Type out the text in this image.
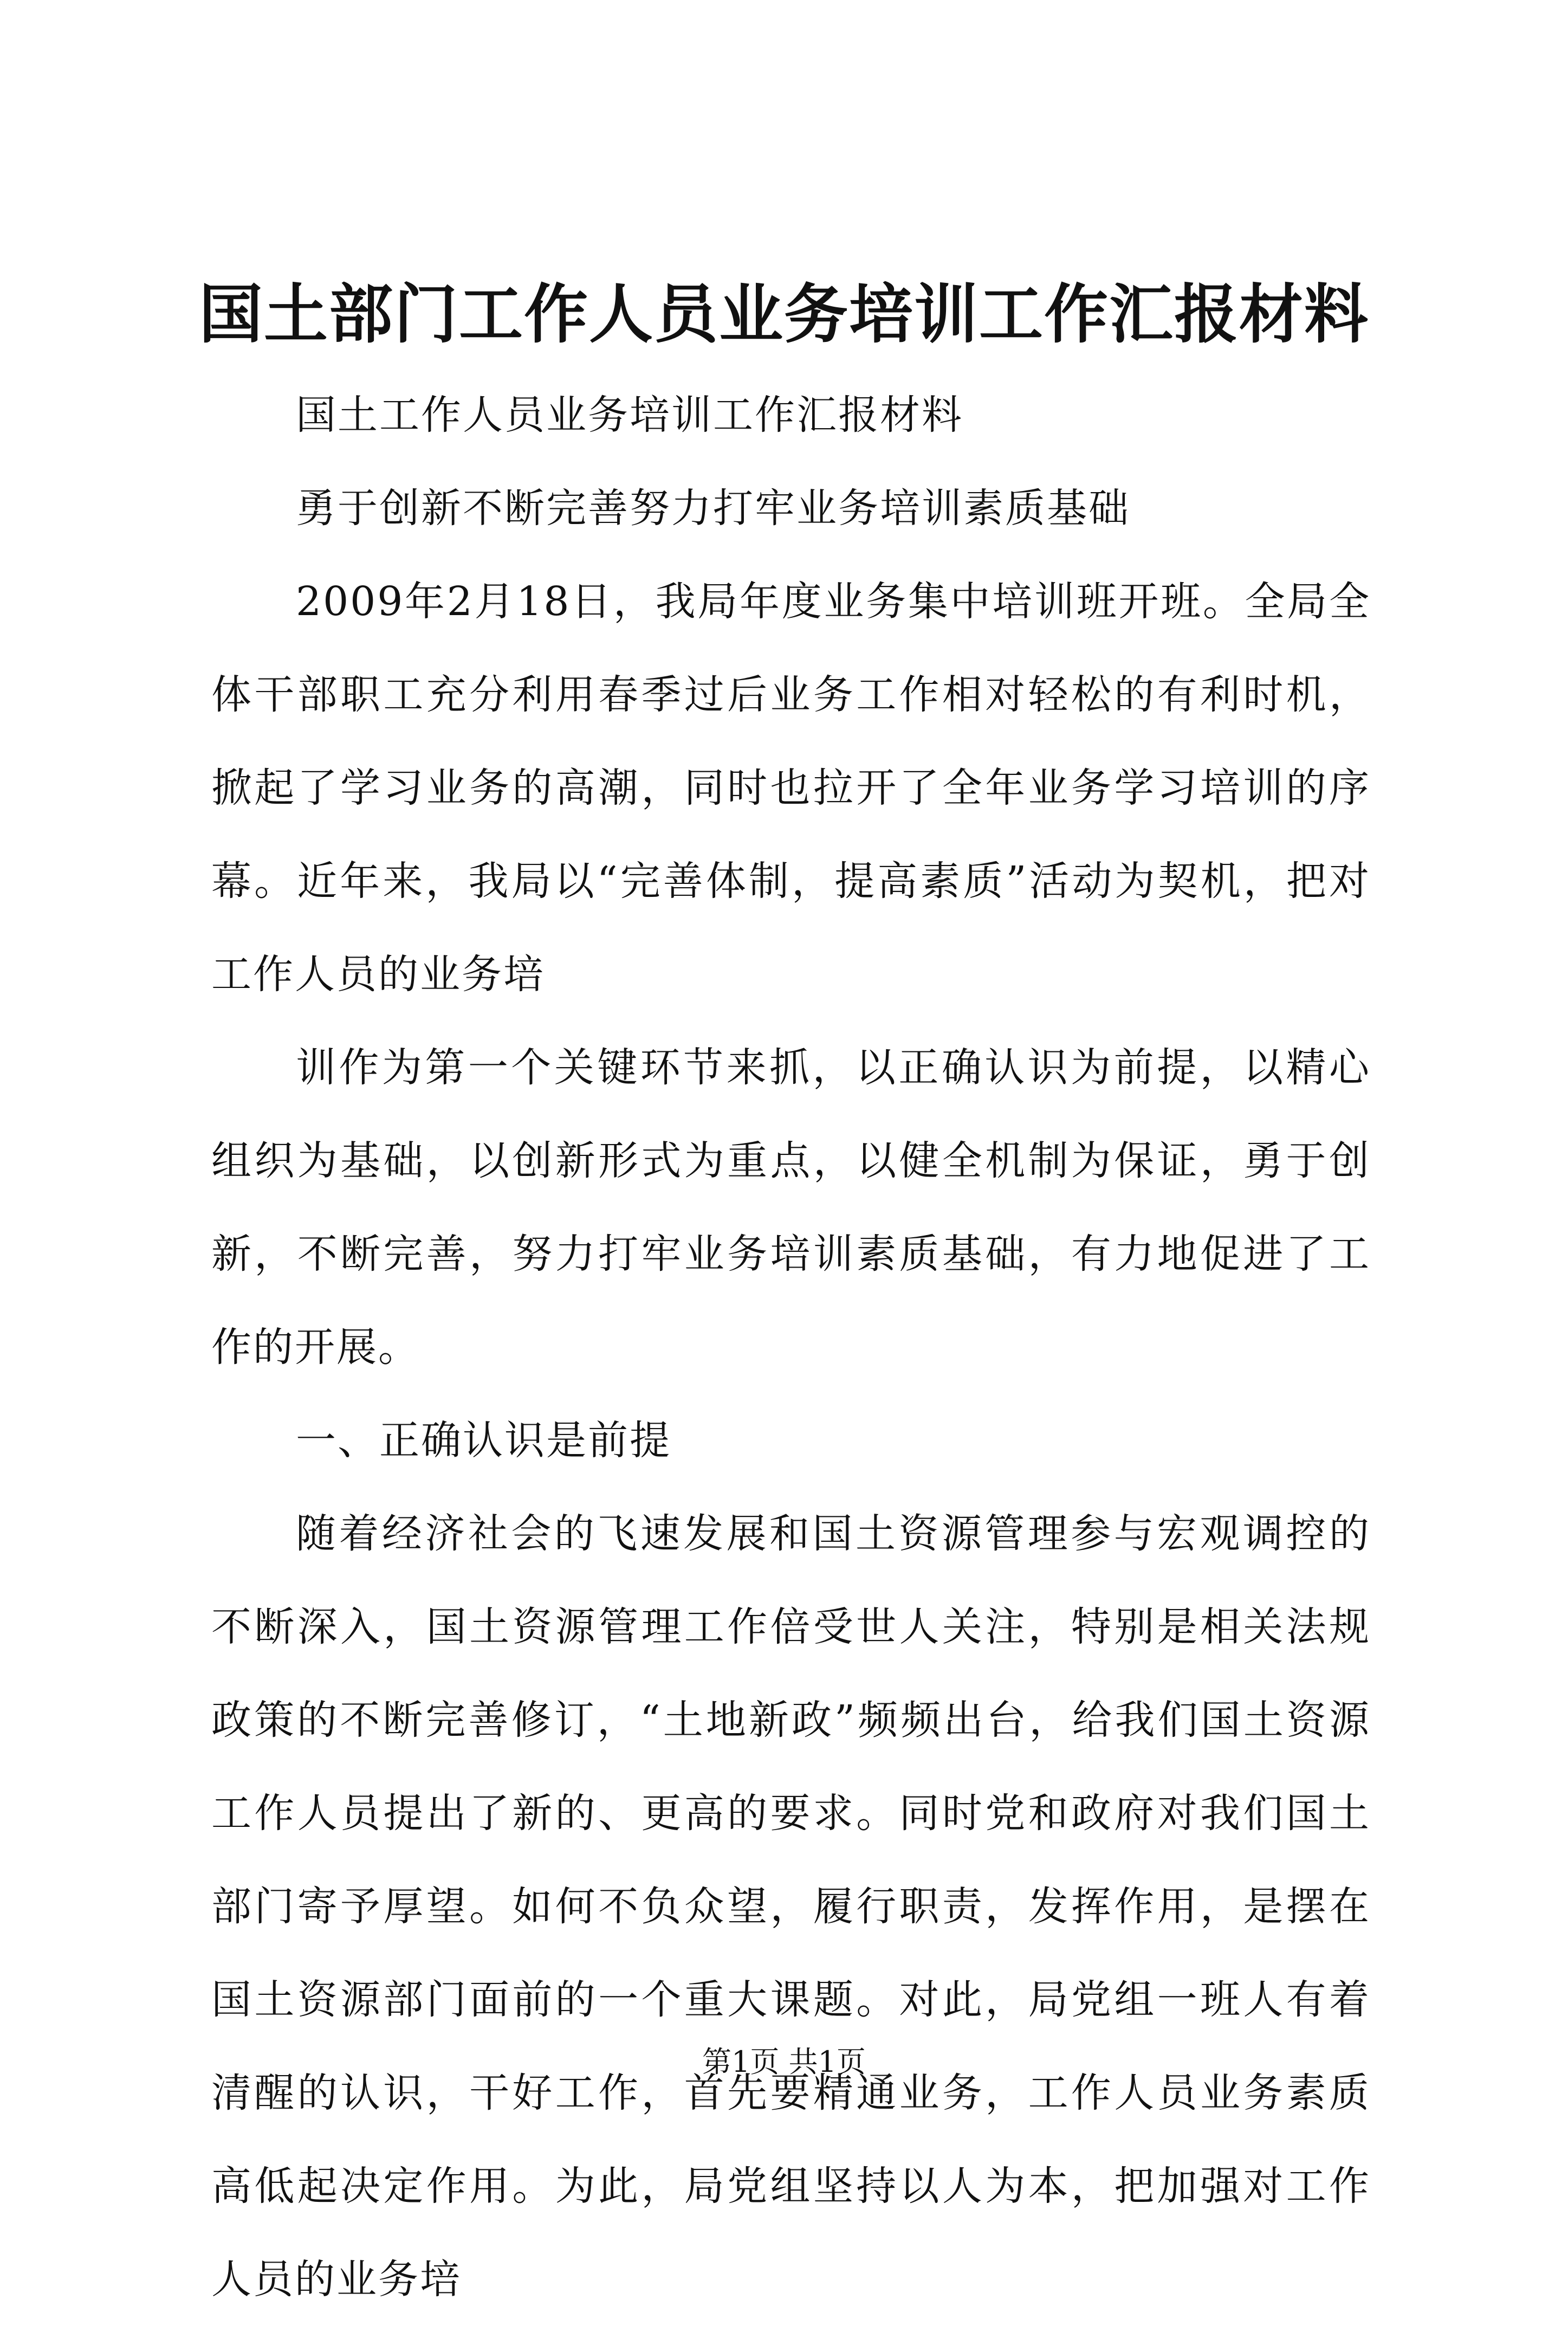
国土部门工作人员业务培训工作汇报材料

国土工作人员业务培训工作汇报材料

勇于创新不断完善努力打牢业务培训素质基础

2009年2月18日，我局年度业务集中培训班开班。全局全体干部职工充分利用春季过后业务工作相对轻松的有利时机，掀起了学习业务的高潮，同时也拉开了全年业务学习培训的序幕。近年来，我局以“完善体制，提高素质”活动为契机，把对工作人员的业务培

训作为第一个关键环节来抓，以正确认识为前提，以精心组织为基础，以创新形式为重点，以健全机制为保证，勇于创新，不断完善，努力打牢业务培训素质基础，有力地促进了工作的开展。

一、正确认识是前提

随着经济社会的飞速发展和国土资源管理参与宏观调控的不断深入，国土资源管理工作倍受世人关注，特别是相关法规政策的不断完善修订，“土地新政”频频出台，给我们国土资源工作人员提出了新的、更高的要求。同时党和政府对我们国土部门寄予厚望。如何不负众望，履行职责，发挥作用，是摆在国土资源部门面前的一个重大课题。对此，局党组一班人有着清醒的认识，干好工作，首先要精通业务，工作人员业务素质高低起决定作用。为此，局党组坚持以人为本，把加强对工作人员的业务培

第1页 共1页
